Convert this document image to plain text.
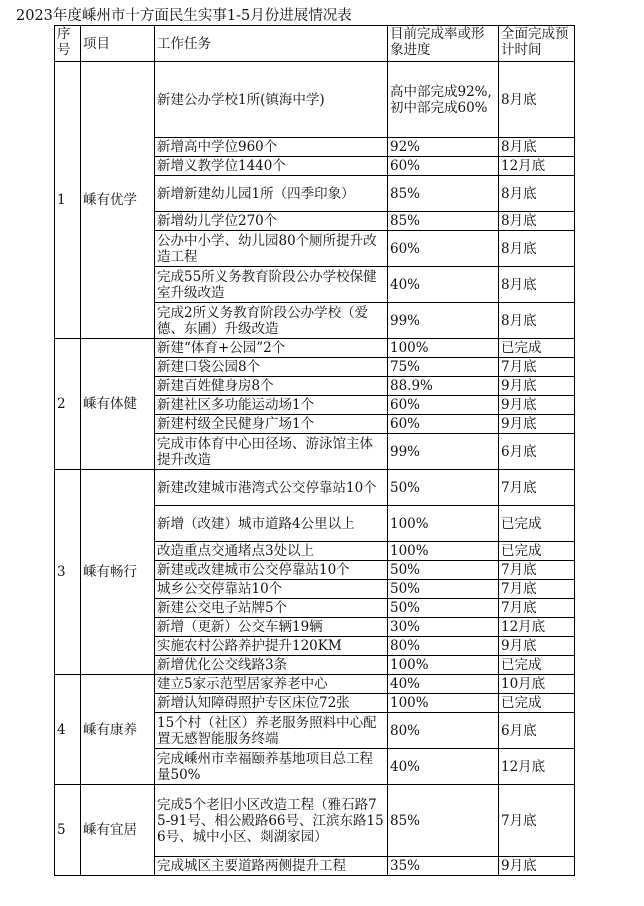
2023年度嵊州市十方面民生实事1-5月份进展情况表
序号	项目	工作任务	目前完成率或形象进度	全面完成预计时间
1	嵊有优学	新建公办学校1所(镇海中学)	高中部完成92%,初中部完成60%	8月底
		新增高中学位960个	92%	8月底
		新增义教学位1440个	60%	12月底
		新增新建幼儿园1所（四季印象）	85%	8月底
		新增幼儿学位270个	85%	8月底
		公办中小学、幼儿园80个厕所提升改造工程	60%	8月底
		完成55所义务教育阶段公办学校保健室升级改造	40%	8月底
		完成2所义务教育阶段公办学校（爱德、东圃）升级改造	99%	8月底
2	嵊有体健	新建“体育+公园”2个	100%	已完成
		新建口袋公园8个	75%	7月底
		新建百姓健身房8个	88.9%	9月底
		新建社区多功能运动场1个	60%	9月底
		新建村级全民健身广场1个	60%	9月底
		完成市体育中心田径场、游泳馆主体提升改造	99%	6月底
3	嵊有畅行	新建改建城市港湾式公交停靠站10个	50%	7月底
		新增（改建）城市道路4公里以上	100%	已完成
		改造重点交通堵点3处以上	100%	已完成
		新建或改建城市公交停靠站10个	50%	7月底
		城乡公交停靠站10个	50%	7月底
		新建公交电子站牌5个	50%	7月底
		新增（更新）公交车辆19辆	30%	12月底
		实施农村公路养护提升120KM	80%	9月底
		新增优化公交线路3条	100%	已完成
4	嵊有康养	建立5家示范型居家养老中心	40%	10月底
		新增认知障碍照护专区床位72张	100%	已完成
		15个村（社区）养老服务照料中心配置无感智能服务终端	80%	6月底
		完成嵊州市幸福颐养基地项目总工程量50%	40%	12月底
5	嵊有宜居	完成5个老旧小区改造工程（雅石路75-91号、相公殿路66号、江滨东路156号、城中小区、剡湖家园）	85%	7月底
		完成城区主要道路两侧提升工程	35%	9月底
